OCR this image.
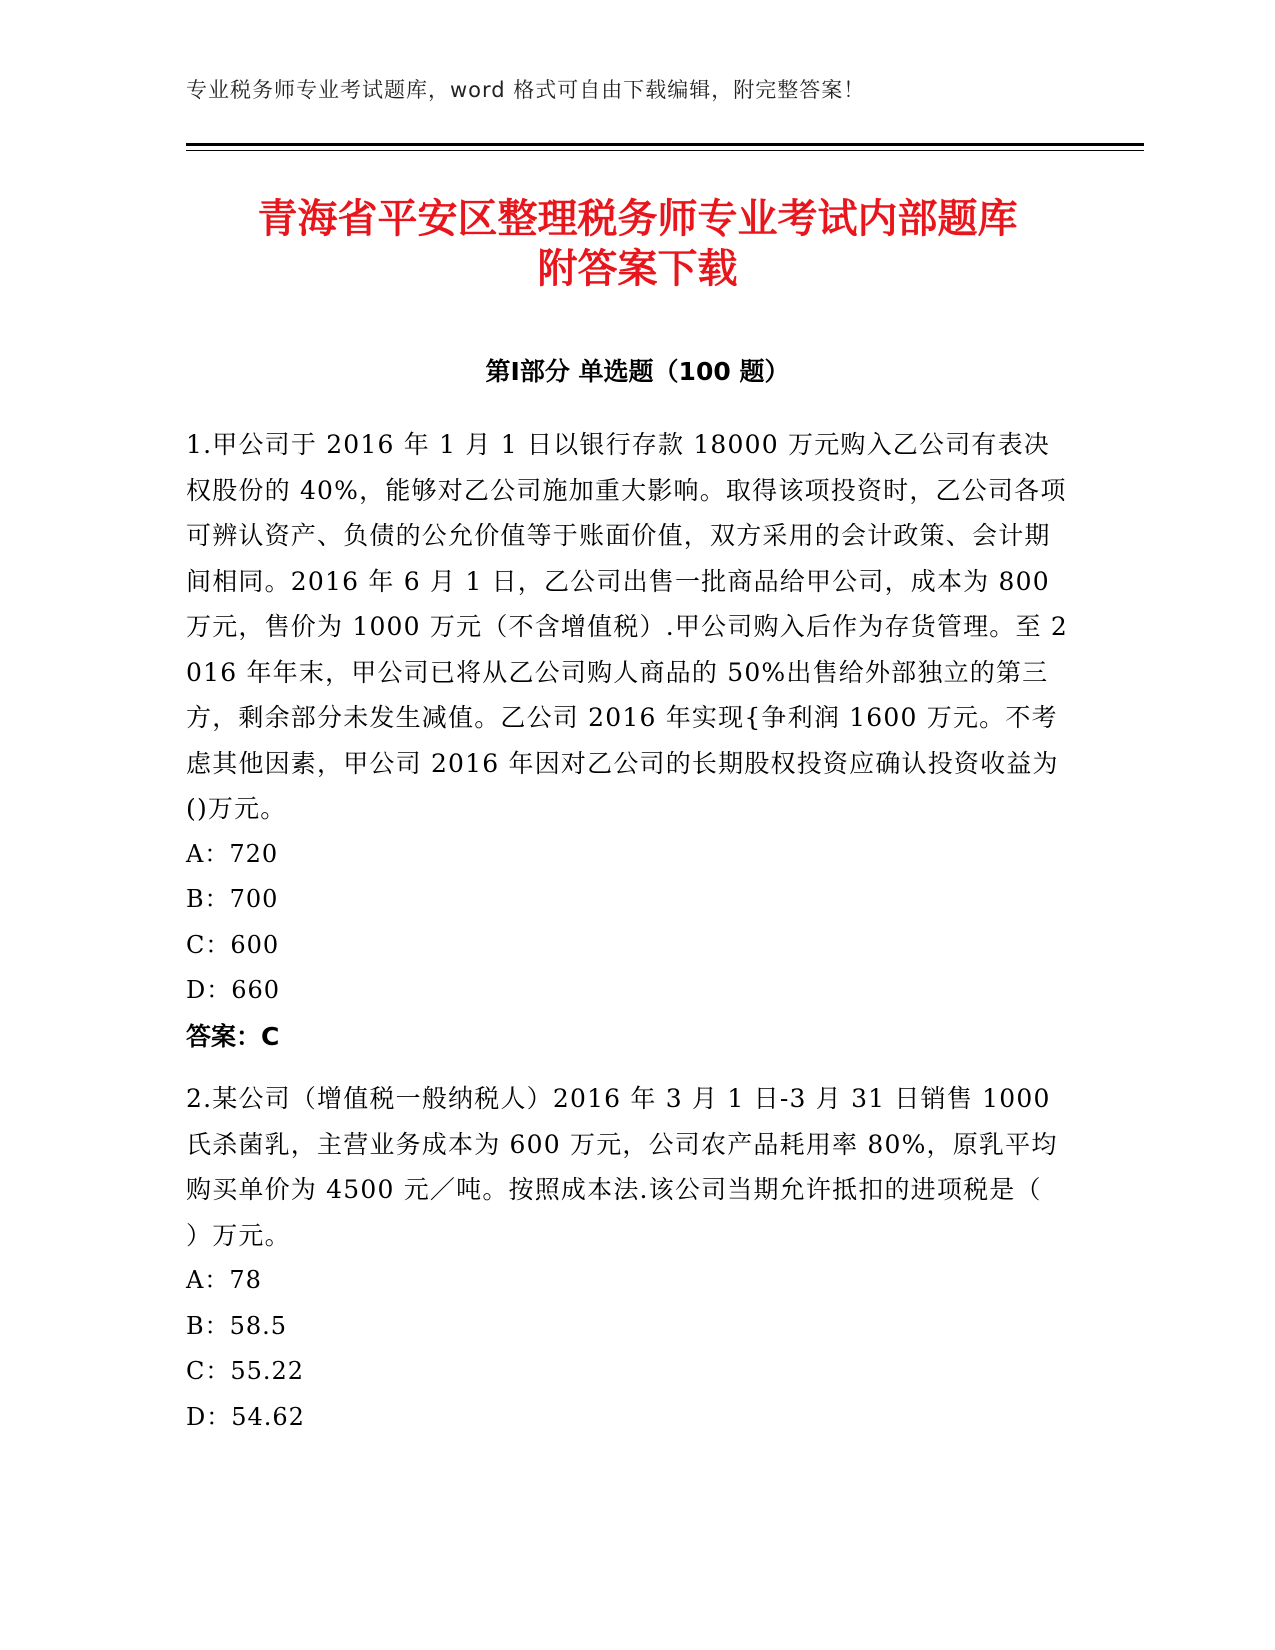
专业税务师专业考试题库，word 格式可自由下载编辑，附完整答案！
青海省平安区整理税务师专业考试内部题库
附答案下载
第Ⅰ部分 单选题（100 题）

1.甲公司于 2016 年 1 月 1 日以银行存款 18000 万元购入乙公司有表决权股份的 40%，能够对乙公司施加重大影响。取得该项投资时，乙公司各项可辨认资产、负债的公允价值等于账面价值，双方采用的会计政策、会计期间相同。2016 年 6 月 1 日，乙公司出售一批商品给甲公司，成本为 800 万元，售价为 1000 万元（不含增值税）.甲公司购入后作为存货管理。至 2016 年年末，甲公司已将从乙公司购人商品的 50%出售给外部独立的第三方，剩余部分未发生减值。乙公司 2016 年实现{争利润 1600 万元。不考虑其他因素，甲公司 2016 年因对乙公司的长期股权投资应确认投资收益为()万元。

A：720
B：700
C：600
D：660
答案：C

2.某公司（增值税一般纳税人）2016 年 3 月 1 日-3 月 31 日销售 1000氏杀菌乳，主营业务成本为 600 万元，公司农产品耗用率 80%，原乳平均购买单价为 4500 元／吨。按照成本法.该公司当期允许抵扣的进项税是（　　）万元。

A：78
B：58.5
C：55.22
D：54.62
